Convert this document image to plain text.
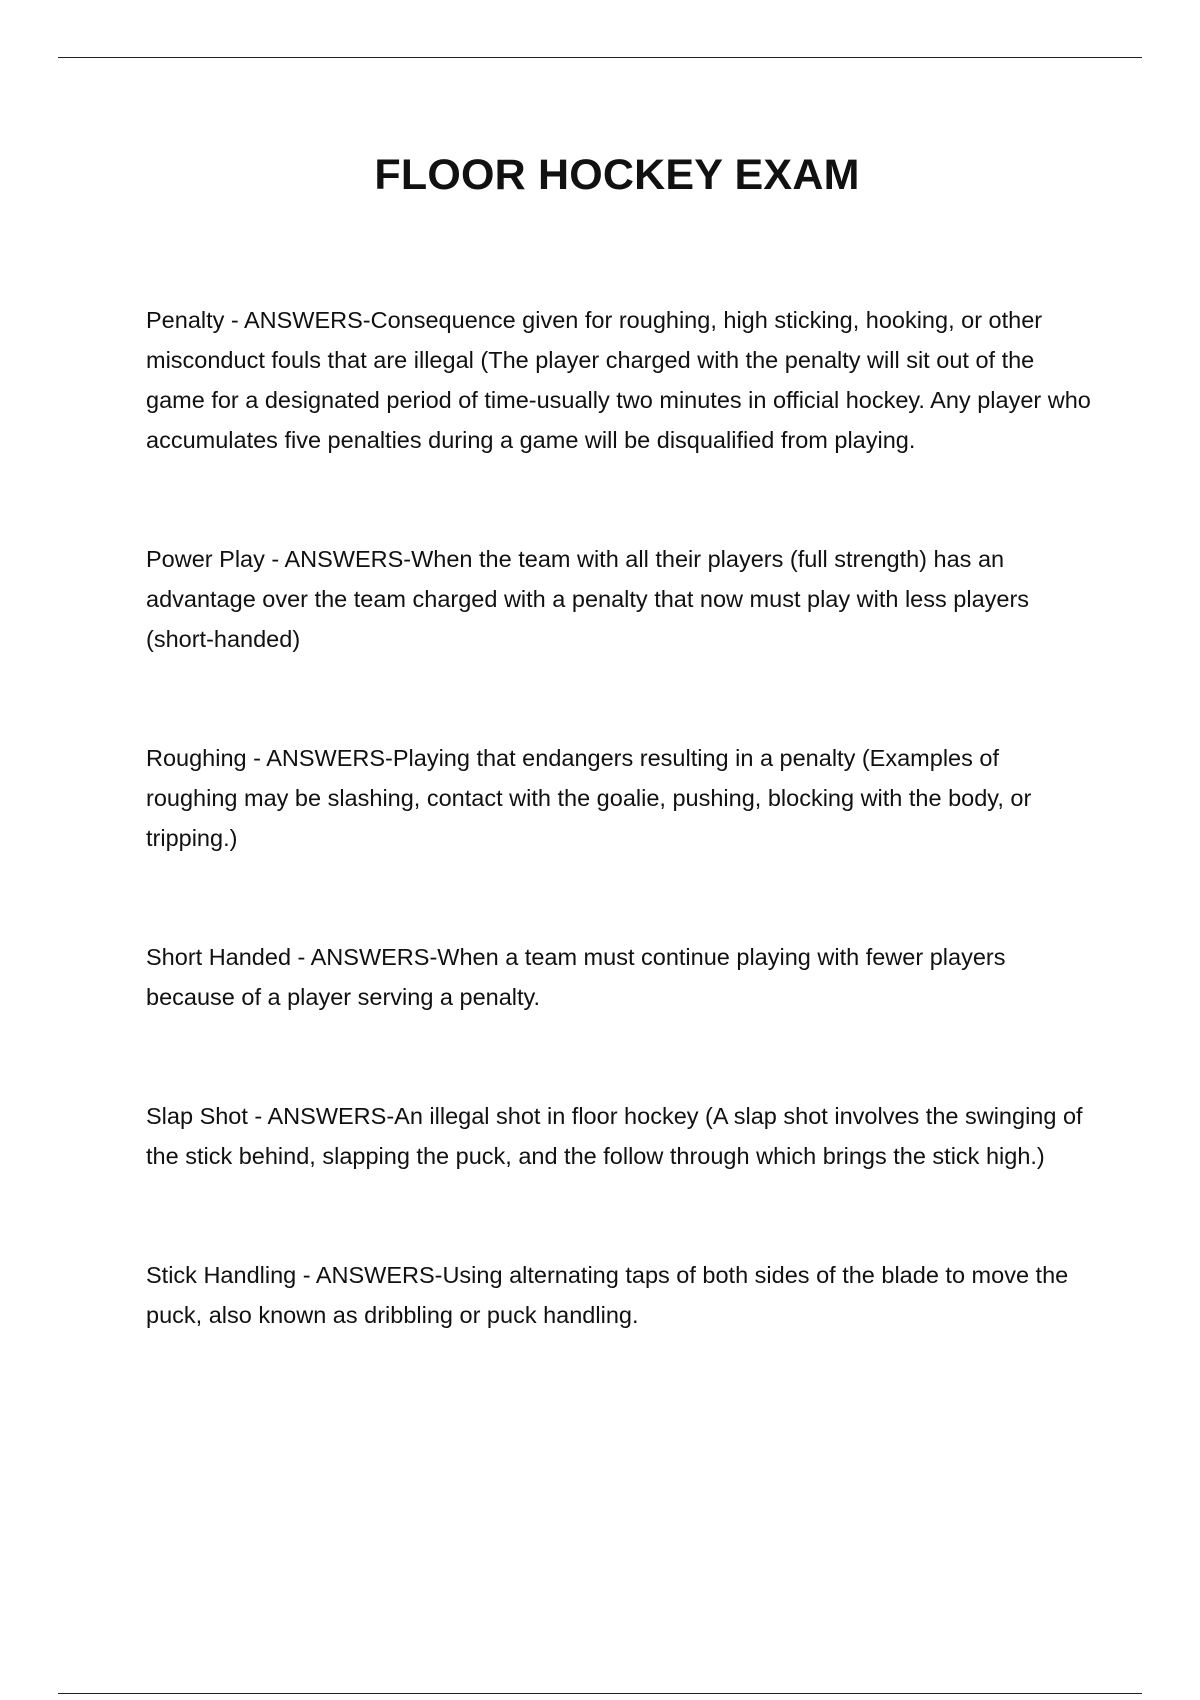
FLOOR HOCKEY EXAM

Penalty - ANSWERS-Consequence given for roughing, high sticking, hooking, or other misconduct fouls that are illegal (The player charged with the penalty will sit out of the game for a designated period of time-usually two minutes in official hockey. Any player who accumulates five penalties during a game will be disqualified from playing.

Power Play - ANSWERS-When the team with all their players (full strength) has an advantage over the team charged with a penalty that now must play with less players (short-handed)

Roughing - ANSWERS-Playing that endangers resulting in a penalty (Examples of roughing may be slashing, contact with the goalie, pushing, blocking with the body, or tripping.)

Short Handed - ANSWERS-When a team must continue playing with fewer players because of a player serving a penalty.

Slap Shot - ANSWERS-An illegal shot in floor hockey (A slap shot involves the swinging of the stick behind, slapping the puck, and the follow through which brings the stick high.)

Stick Handling - ANSWERS-Using alternating taps of both sides of the blade to move the puck, also known as dribbling or puck handling.
